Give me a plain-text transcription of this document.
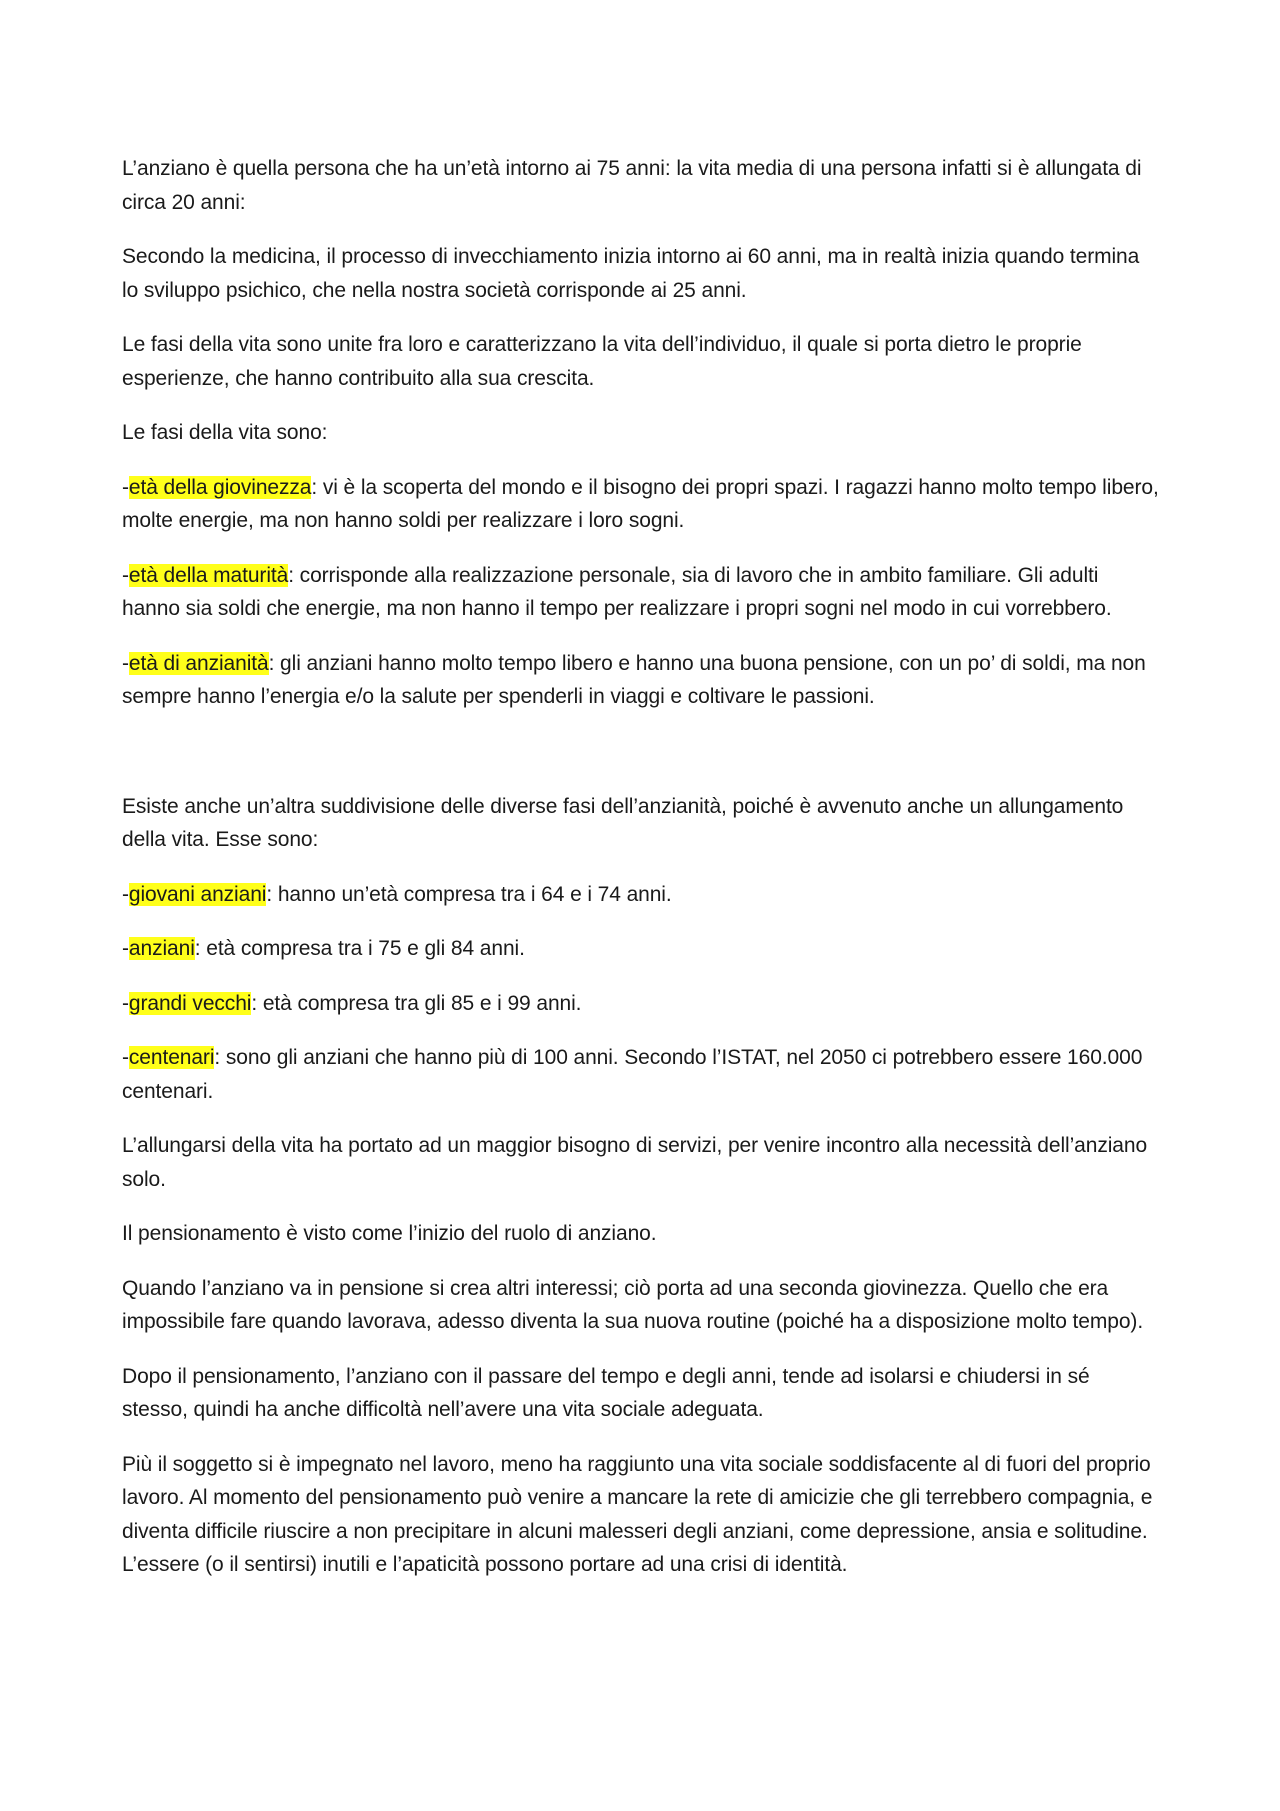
L’anziano è quella persona che ha un’età intorno ai 75 anni: la vita media di una persona infatti si è allungata di circa 20 anni:

Secondo la medicina, il processo di invecchiamento inizia intorno ai 60 anni, ma in realtà inizia quando termina lo sviluppo psichico, che nella nostra società corrisponde ai 25 anni.

Le fasi della vita sono unite fra loro e caratterizzano la vita dell’individuo, il quale si porta dietro le proprie esperienze, che hanno contribuito alla sua crescita.

Le fasi della vita sono:

-età della giovinezza: vi è la scoperta del mondo e il bisogno dei propri spazi. I ragazzi hanno molto tempo libero, molte energie, ma non hanno soldi per realizzare i loro sogni.

-età della maturità: corrisponde alla realizzazione personale, sia di lavoro che in ambito familiare. Gli adulti hanno sia soldi che energie, ma non hanno il tempo per realizzare i propri sogni nel modo in cui vorrebbero.

-età di anzianità: gli anziani hanno molto tempo libero e hanno una buona pensione, con un po’ di soldi, ma non sempre hanno l’energia e/o la salute per spenderli in viaggi e coltivare le passioni.

Esiste anche un’altra suddivisione delle diverse fasi dell’anzianità, poiché è avvenuto anche un allungamento della vita. Esse sono:

-giovani anziani: hanno un’età compresa tra i 64 e i 74 anni.

-anziani: età compresa tra i 75 e gli 84 anni.

-grandi vecchi: età compresa tra gli 85 e i 99 anni.

-centenari: sono gli anziani che hanno più di 100 anni. Secondo l’ISTAT, nel 2050 ci potrebbero essere 160.000 centenari.

L’allungarsi della vita ha portato ad un maggior bisogno di servizi, per venire incontro alla necessità dell’anziano solo.

Il pensionamento è visto come l’inizio del ruolo di anziano.

Quando l’anziano va in pensione si crea altri interessi; ciò porta ad una seconda giovinezza. Quello che era impossibile fare quando lavorava, adesso diventa la sua nuova routine (poiché ha a disposizione molto tempo).

Dopo il pensionamento, l’anziano con il passare del tempo e degli anni, tende ad isolarsi e chiudersi in sé stesso, quindi ha anche difficoltà nell’avere una vita sociale adeguata.

Più il soggetto si è impegnato nel lavoro, meno ha raggiunto una vita sociale soddisfacente al di fuori del proprio lavoro. Al momento del pensionamento può venire a mancare la rete di amicizie che gli terrebbero compagnia, e diventa difficile riuscire a non precipitare in alcuni malesseri degli anziani, come depressione, ansia e solitudine. L’essere (o il sentirsi) inutili e l’apaticità possono portare ad una crisi di identità.
